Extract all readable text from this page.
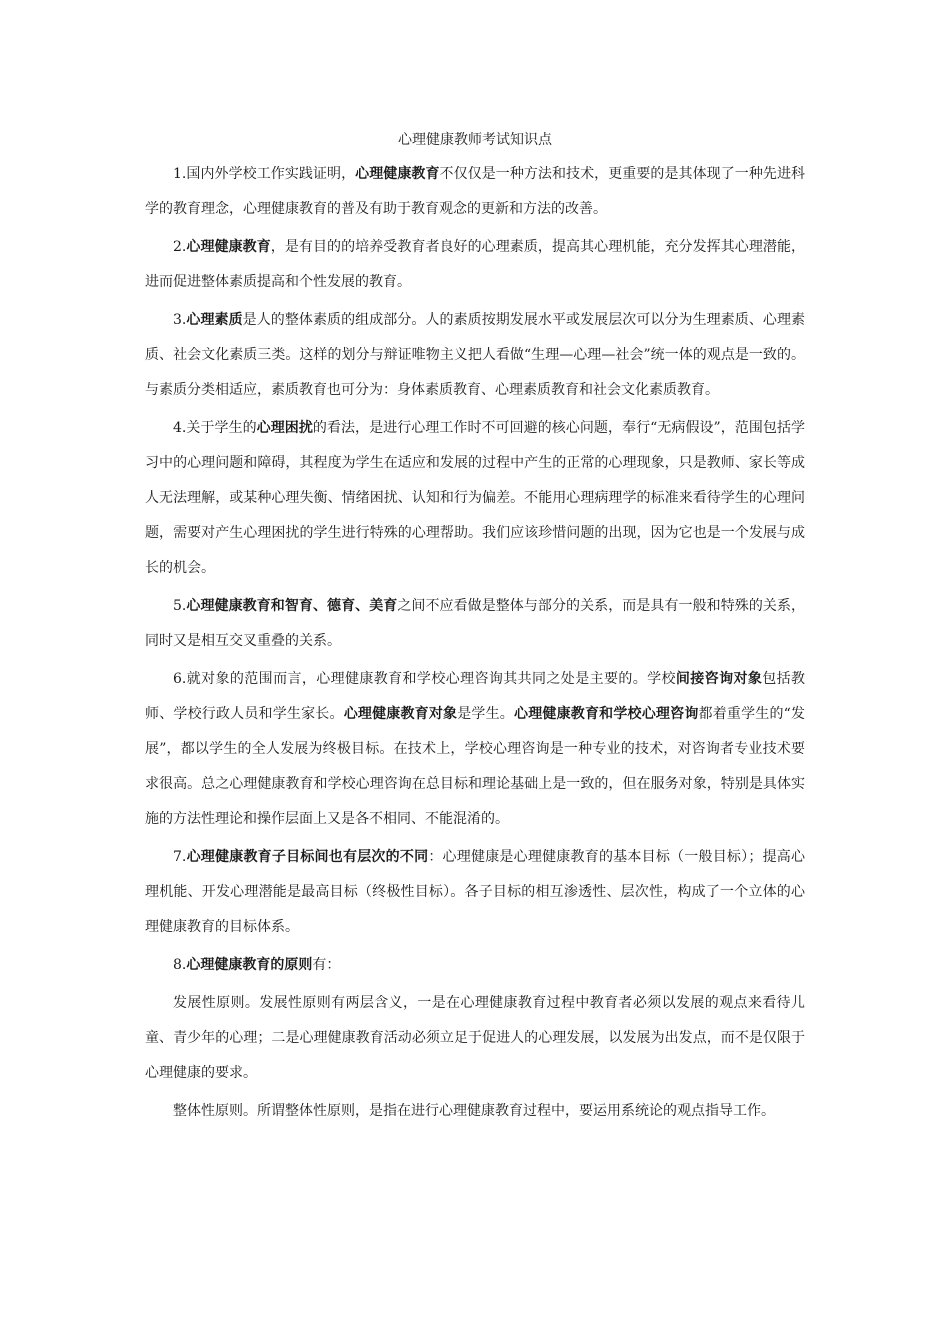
心理健康教师考试知识点

1.国内外学校工作实践证明，心理健康教育不仅仅是一种方法和技术，更重要的是其体现了一种先进科学的教育理念，心理健康教育的普及有助于教育观念的更新和方法的改善。

2.心理健康教育，是有目的的培养受教育者良好的心理素质，提高其心理机能，充分发挥其心理潜能，进而促进整体素质提高和个性发展的教育。

3.心理素质是人的整体素质的组成部分。人的素质按期发展水平或发展层次可以分为生理素质、心理素质、社会文化素质三类。这样的划分与辩证唯物主义把人看做“生理—心理—社会”统一体的观点是一致的。与素质分类相适应，素质教育也可分为：身体素质教育、心理素质教育和社会文化素质教育。

4.关于学生的心理困扰的看法，是进行心理工作时不可回避的核心问题，奉行“无病假设”，范围包括学习中的心理问题和障碍，其程度为学生在适应和发展的过程中产生的正常的心理现象，只是教师、家长等成人无法理解，或某种心理失衡、情绪困扰、认知和行为偏差。不能用心理病理学的标准来看待学生的心理问题，需要对产生心理困扰的学生进行特殊的心理帮助。我们应该珍惜问题的出现，因为它也是一个发展与成长的机会。

5.心理健康教育和智育、德育、美育之间不应看做是整体与部分的关系，而是具有一般和特殊的关系，同时又是相互交叉重叠的关系。

6.就对象的范围而言，心理健康教育和学校心理咨询其共同之处是主要的。学校间接咨询对象包括教师、学校行政人员和学生家长。心理健康教育对象是学生。心理健康教育和学校心理咨询都着重学生的“发展”，都以学生的全人发展为终极目标。在技术上，学校心理咨询是一种专业的技术，对咨询者专业技术要求很高。总之心理健康教育和学校心理咨询在总目标和理论基础上是一致的，但在服务对象，特别是具体实施的方法性理论和操作层面上又是各不相同、不能混淆的。

7.心理健康教育子目标间也有层次的不同：心理健康是心理健康教育的基本目标（一般目标）；提高心理机能、开发心理潜能是最高目标（终极性目标）。各子目标的相互渗透性、层次性，构成了一个立体的心理健康教育的目标体系。

8.心理健康教育的原则有：

发展性原则。发展性原则有两层含义，一是在心理健康教育过程中教育者必须以发展的观点来看待儿童、青少年的心理；二是心理健康教育活动必须立足于促进人的心理发展，以发展为出发点，而不是仅限于心理健康的要求。

整体性原则。所谓整体性原则，是指在进行心理健康教育过程中，要运用系统论的观点指导工作。
